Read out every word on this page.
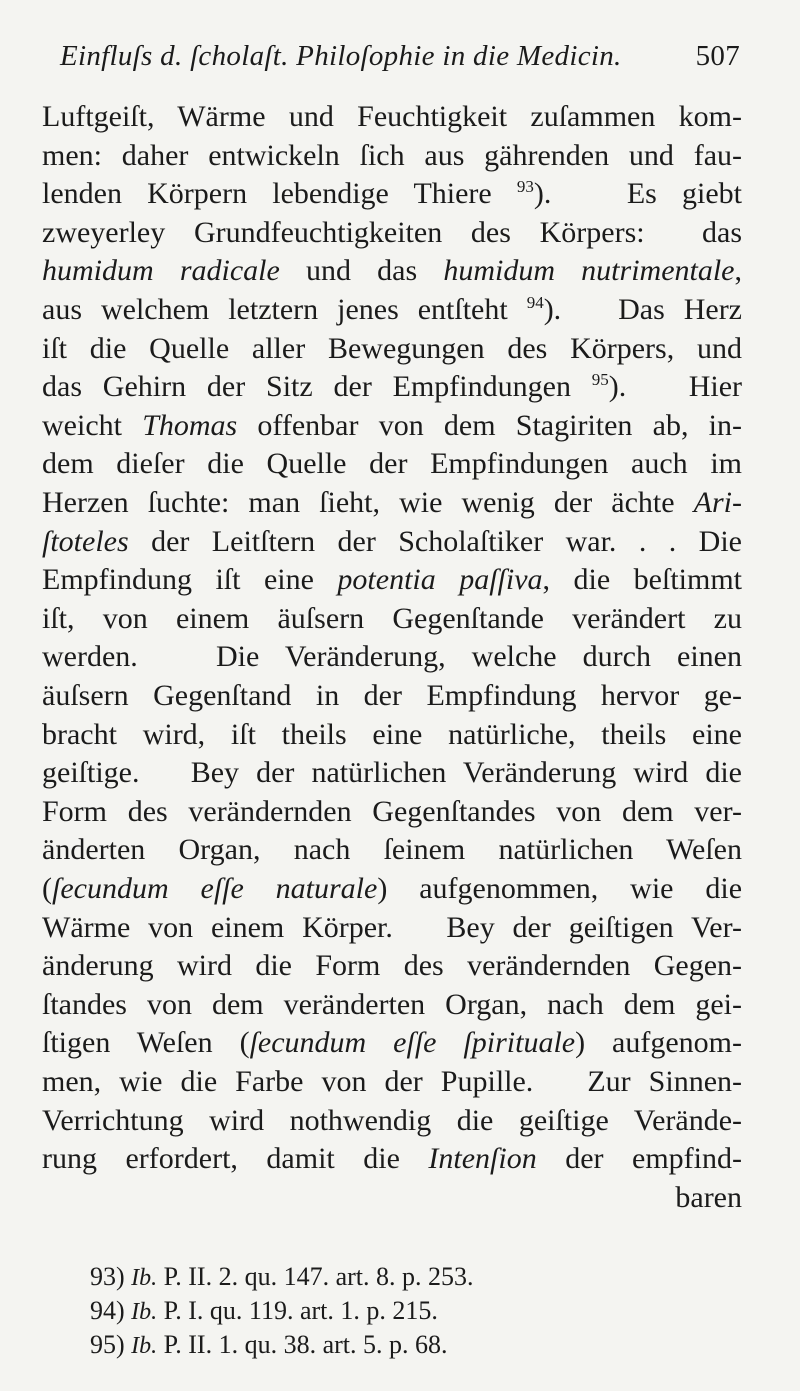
Einfluſs d. ſcholaſt. Philoſophie in die Medicin.	507
Luftgeiſt, Wärme und Feuchtigkeit zuſammen kom-
men: daher entwickeln ſich aus gährenden und fau-
lenden Körpern lebendige Thiere $^{93}$).   Es giebt
zweyerley Grundfeuchtigkeiten des Körpers:  das
humidum radicale und das humidum nutrimentale,
aus welchem letztern jenes entſteht $^{94}$).   Das Herz
iſt die Quelle aller Bewegungen des Körpers, und
das Gehirn der Sitz der Empfindungen $^{95}$).   Hier
weicht Thomas offenbar von dem Stagiriten ab, in-
dem dieſer die Quelle der Empfindungen auch im
Herzen ſuchte: man ſieht, wie wenig der ächte Ari-
ſtoteles der Leitſtern der Scholaſtiker war. . . Die
Empfindung iſt eine potentia paſſiva, die beſtimmt
iſt, von einem äuſsern Gegenſtande verändert zu
werden.   Die Veränderung, welche durch einen
äuſsern Gegenſtand in der Empfindung hervor ge-
bracht wird, iſt theils eine natürliche, theils eine
geiſtige.   Bey der natürlichen Veränderung wird die
Form des verändernden Gegenſtandes von dem ver-
änderten Organ, nach ſeinem natürlichen Weſen
(ſecundum eſſe naturale) aufgenommen, wie die
Wärme von einem Körper.   Bey der geiſtigen Ver-
änderung wird die Form des verändernden Gegen-
ſtandes von dem veränderten Organ, nach dem gei-
ſtigen Weſen (ſecundum eſſe ſpirituale) aufgenom-
men, wie die Farbe von der Pupille.   Zur Sinnen-
Verrichtung wird nothwendig die geiſtige Verände-
rung erfordert, damit die Intenſion der empfind-
baren
93) Ib. P. II. 2. qu. 147. art. 8. p. 253.
94) Ib. P. I. qu. 119. art. 1. p. 215.
95) Ib. P. II. 1. qu. 38. art. 5. p. 68.
